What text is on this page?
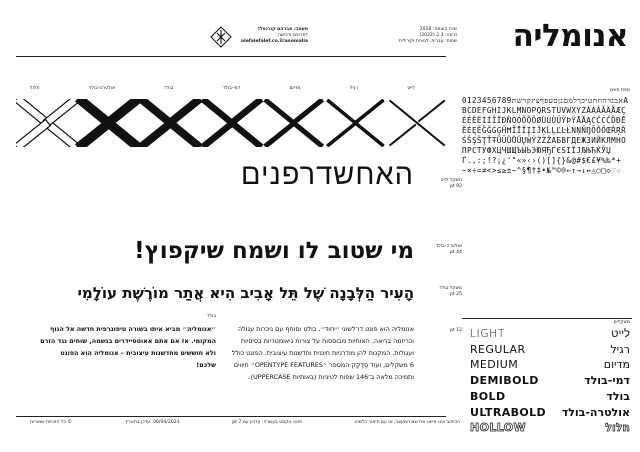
שנת הוצאה: 2018
גרסה: 2.3 (2022)
שפות: עברית, לטינית וקירילית
מעצב: אברהם קורנפלד
לפרטים ורכישה:
alefalefalef.co.il/anomalia	אנומליה
לייט
רגיל
מדיום
דמי-בולד
בולד
אולטרה-בולד
חלול
משקל לייט
92 pt
האחשדרפנים
אולטרה-בולד
44 pt
מי שטוב לו ושמח שיקפוץ!
משקל בולד
25 pt
הָעִיר הַלְּבָנָה שֶׁל תֵּל אָבִיב הִיא אֲתַר מוֹרֶשֶׁת עוֹלָמִי
12 pt
בולד
אנומליה הוא פונט דו־לשוני ״יחוד״, בולט וסוחף עם ניכרות עגולה וכריזמה בריאה. האותיות מבוססות על צורות גיאומטריות בסיסיות ועגולות, המקנות להן מודרניות חיננית וחדשנות עיצובית. הפונט כולל 6 משקלים, ועוד סֶדֶקֶק המספר ״OPENTYPE FEATURES״ חיווים ותמיכה מלאה ב־146 שפות לטיניות (באותיות UPPERCASE).
״אנומליה״ מביא איתו בשורה טיפוגרפית חדשה אל הנוף המקומי. אז אם אתם אאוטסיידרים בנשמה, שוחים נגד הזרם ולא חוששים מחדשנות עיצובית – אנומליה הוא הפונט שלכם!
הכיתוב אינו מייצג את שם המעצב, או עם תיאור כלשהו
פונט טקסט בעשרה: עדכון עם 7 pt
06/04/2023 :עדכן בתאריך
© כל הזכויות שמורות
מפת תווים
אבגדהוזחטיכךלמםנןסעפףצץקרשת0123456789ABCDEFGHIJKLMNOPQRSTUVWXYZÀÁÂÃÄÅÆÇÈÉÊËÌÍÎÏÐÑÒÓÔÕÖØÙÚÛÜÝÞŸĀĂĄĆĈĊČĎĐĒĔĖĘĚĜĞĠĢĤĦĨĪĬĮİĴĶĹĻĽĿŁŃŅŇŊŌŎŐŒŔŖŘŚŜŞŠŢŤŦŨŪŬŮŰŲŴŶŹŻŽАБВГДЕЖЗИЙКЛМНОПРСТУФХЦЧШЩЪЫЬЭЮЯЂЃЄЅІЇЈЉЊЋЌЎЏҐ.,:;!?¡¿'"«»‹›()[]{}&@#$€£¥%‰*+−×÷=≠<>≤≥±~^§¶†‡•№™©®←↑→↓↔△○□◇♡☆
משקלים
LIGHT	לייט
REGULAR	רגיל
MEDIUM	מדיום
DEMIBOLD	דמי-בולד
BOLD	בולד
ULTRABOLD אולטרה-בולד
HOLLOW	חלול
